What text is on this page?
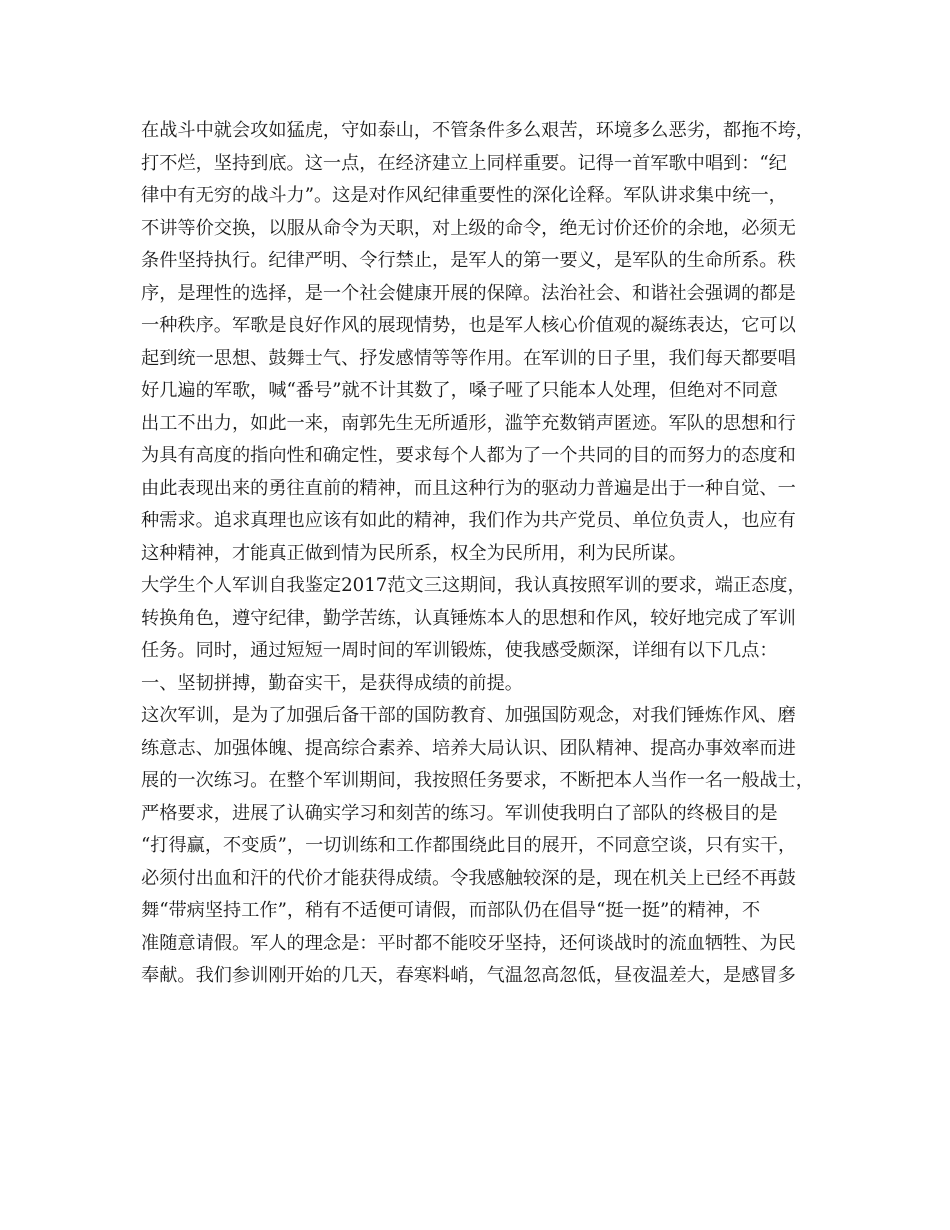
在战斗中就会攻如猛虎，守如泰山，不管条件多么艰苦，环境多么恶劣，都拖不垮，
打不烂，坚持到底。这一点，在经济建立上同样重要。记得一首军歌中唱到：“纪
律中有无穷的战斗力”。这是对作风纪律重要性的深化诠释。军队讲求集中统一，
不讲等价交换，以服从命令为天职，对上级的命令，绝无讨价还价的余地，必须无
条件坚持执行。纪律严明、令行禁止，是军人的第一要义，是军队的生命所系。秩
序，是理性的选择，是一个社会健康开展的保障。法治社会、和谐社会强调的都是
一种秩序。军歌是良好作风的展现情势，也是军人核心价值观的凝练表达，它可以
起到统一思想、鼓舞士气、抒发感情等等作用。在军训的日子里，我们每天都要唱
好几遍的军歌，喊“番号”就不计其数了，嗓子哑了只能本人处理，但绝对不同意
出工不出力，如此一来，南郭先生无所遁形，滥竽充数销声匿迹。军队的思想和行
为具有高度的指向性和确定性，要求每个人都为了一个共同的目的而努力的态度和
由此表现出来的勇往直前的精神，而且这种行为的驱动力普遍是出于一种自觉、一
种需求。追求真理也应该有如此的精神，我们作为共产党员、单位负责人，也应有
这种精神，才能真正做到情为民所系，权全为民所用，利为民所谋。
大学生个人军训自我鉴定2017范文三这期间，我认真按照军训的要求，端正态度，
转换角色，遵守纪律，勤学苦练，认真锤炼本人的思想和作风，较好地完成了军训
任务。同时，通过短短一周时间的军训锻炼，使我感受颇深，详细有以下几点：
一、坚韧拼搏，勤奋实干，是获得成绩的前提。
这次军训，是为了加强后备干部的国防教育、加强国防观念，对我们锤炼作风、磨
练意志、加强体魄、提高综合素养、培养大局认识、团队精神、提高办事效率而进
展的一次练习。在整个军训期间，我按照任务要求，不断把本人当作一名一般战士，
严格要求，进展了认确实学习和刻苦的练习。军训使我明白了部队的终极目的是
“打得赢，不变质”，一切训练和工作都围绕此目的展开，不同意空谈，只有实干，
必须付出血和汗的代价才能获得成绩。令我感触较深的是，现在机关上已经不再鼓
舞“带病坚持工作”，稍有不适便可请假，而部队仍在倡导“挺一挺”的精神，不
准随意请假。军人的理念是：平时都不能咬牙坚持，还何谈战时的流血牺牲、为民
奉献。我们参训刚开始的几天，春寒料峭，气温忽高忽低，昼夜温差大，是感冒多
